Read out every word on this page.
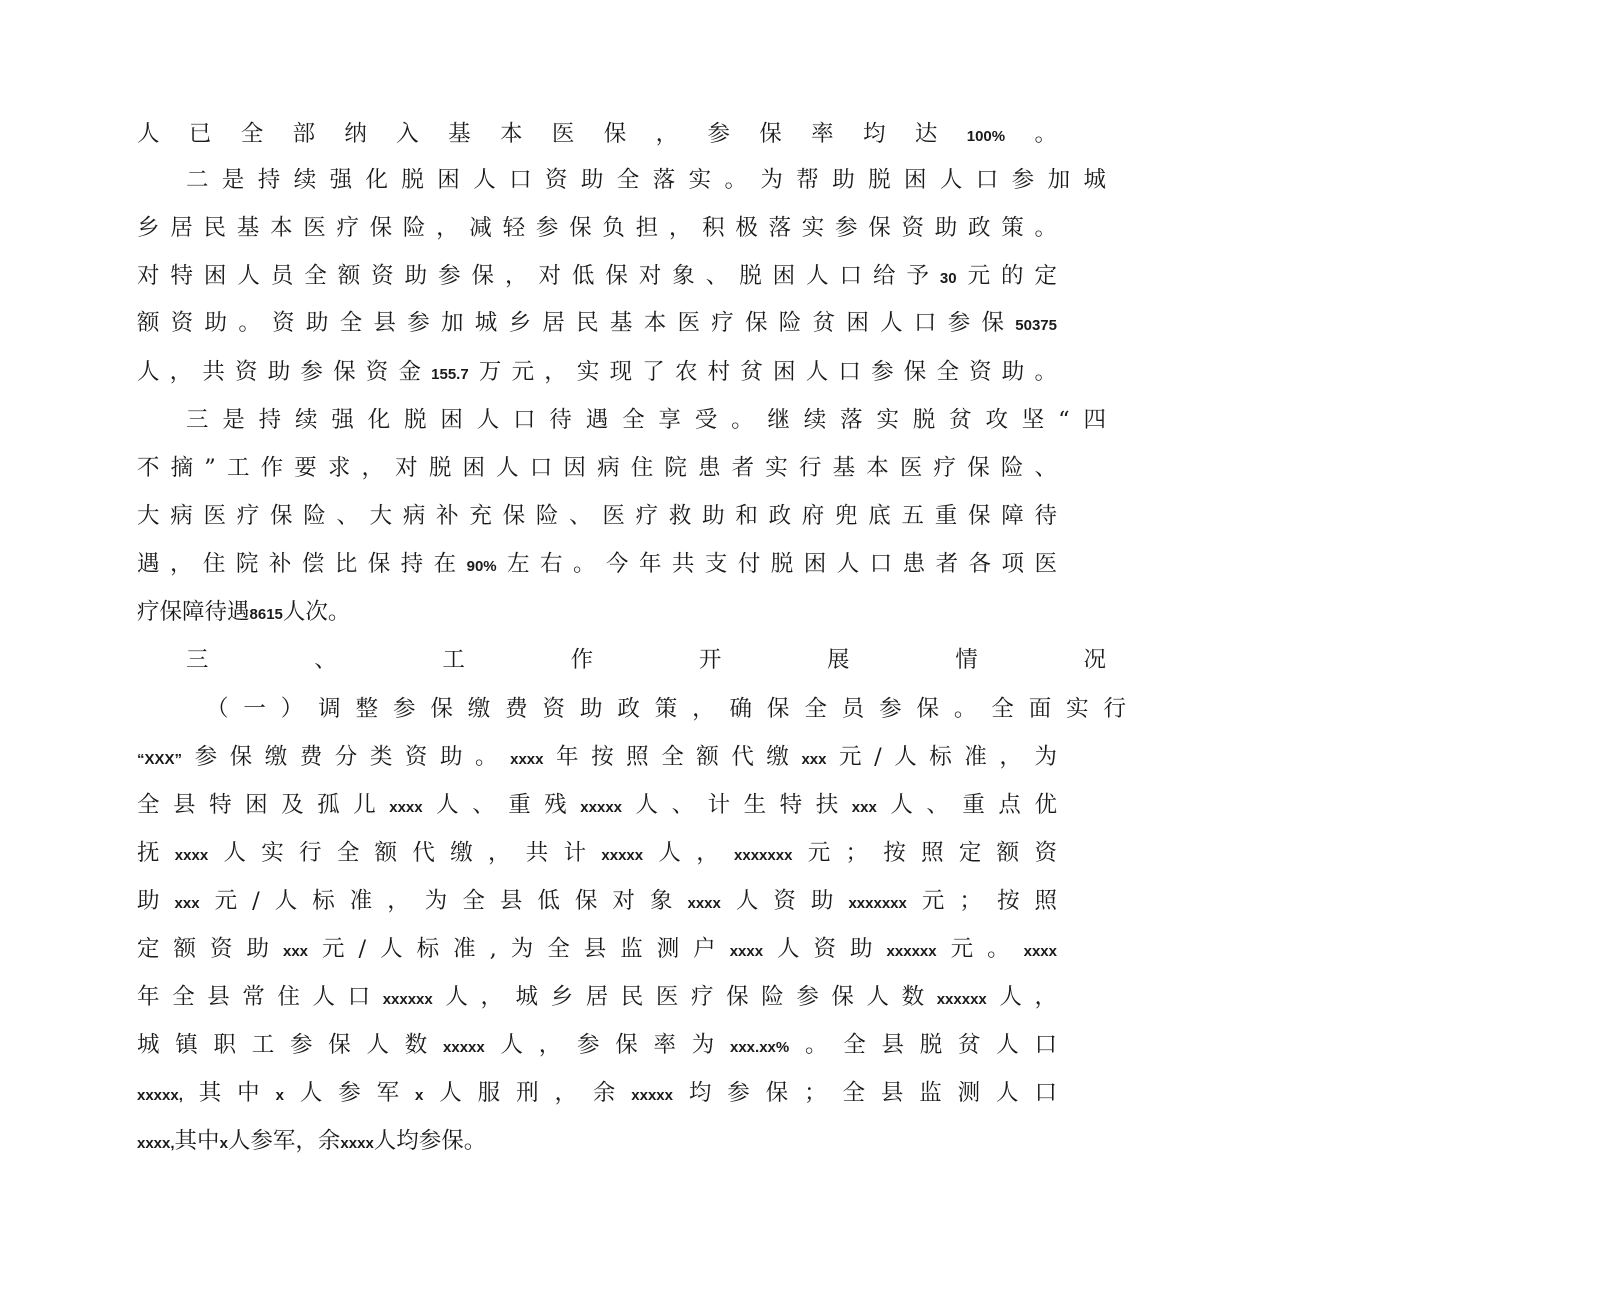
人已全部纳入基本医保，参保率均达100%。

二是持续强化脱困人口资助全落实。为帮助脱困人口参加城

乡居民基本医疗保险，减轻参保负担，积极落实参保资助政策。

对特困人员全额资助参保，对低保对象、脱困人口给予30元的定

额资助。资助全县参加城乡居民基本医疗保险贫困人口参保50375

人，共资助参保资金155.7万元，实现了农村贫困人口参保全资助。

三是持续强化脱困人口待遇全享受。继续落实脱贫攻坚“四

不摘”工作要求，对脱困人口因病住院患者实行基本医疗保险、

大病医疗保险、大病补充保险、医疗救助和政府兜底五重保障待

遇，住院补偿比保持在90%左右。今年共支付脱困人口患者各项医

疗保障待遇8615人次。

三、工作开展情况

（一）调整参保缴费资助政策，确保全员参保。全面实行

“XXX”参保缴费分类资助。xxxx年按照全额代缴xxx元/人标准，为

全县特困及孤儿xxxx人、重残xxxxx人、计生特扶xxx人、重点优

抚xxxx人实行全额代缴，共计xxxxx人，xxxxxxx元；按照定额资

助xxx元/人标准，为全县低保对象xxxx人资助xxxxxxx元；按照

定额资助xxx元/人标准,为全县监测户xxxx人资助xxxxxx元。xxxx

年全县常住人口xxxxxx人，城乡居民医疗保险参保人数xxxxxx人，

城镇职工参保人数xxxxx人，参保率为xxx.xx%。全县脱贫人口

xxxxx,其中x人参军x人服刑，余xxxxx均参保；全县监测人口

xxxx,其中x人参军，余xxxx人均参保。
